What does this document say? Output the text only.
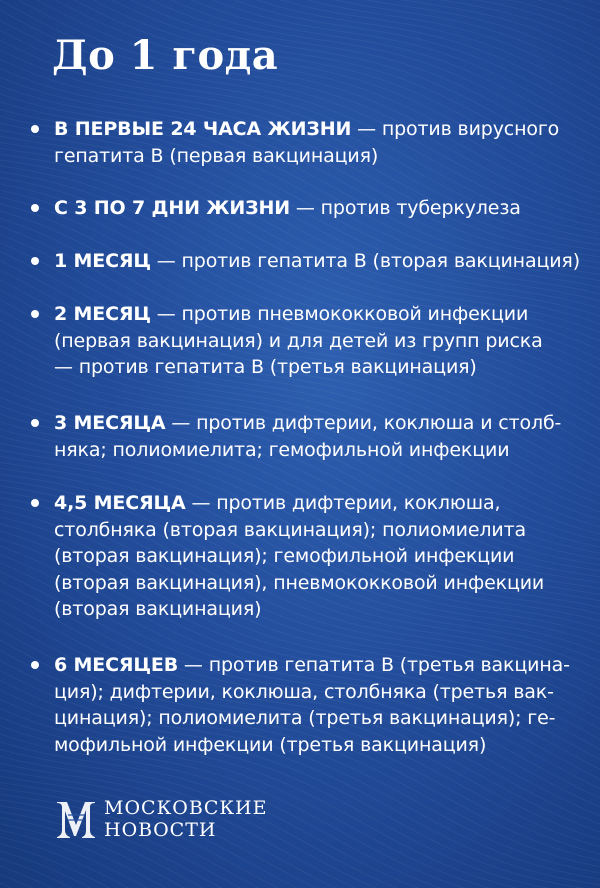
До 1 года
В ПЕРВЫЕ 24 ЧАСА ЖИЗНИ — против вирусного
гепатита В (первая вакцинация)
С 3 ПО 7 ДНИ ЖИЗНИ — против туберкулеза
1 МЕСЯЦ — против гепатита В (вторая вакцинация)
2 МЕСЯЦ — против пневмококковой инфекции
(первая вакцинация) и для детей из групп риска
— против гепатита В (третья вакцинация)
3 МЕСЯЦА — против дифтерии, коклюша и столб-
няка; полиомиелита; гемофильной инфекции
4,5 МЕСЯЦА — против дифтерии, коклюша,
столбняка (вторая вакцинация); полиомиелита
(вторая вакцинация); гемофильной инфекции
(вторая вакцинация), пневмококковой инфекции
(вторая вакцинация)
6 МЕСЯЦЕВ — против гепатита В (третья вакцина-
ция); дифтерии, коклюша, столбняка (третья вак-
цинация); полиомиелита (третья вакцинация); ге-
мофильной инфекции (третья вакцинация)
МОСКОВСКИЕ
НОВОСТИ
